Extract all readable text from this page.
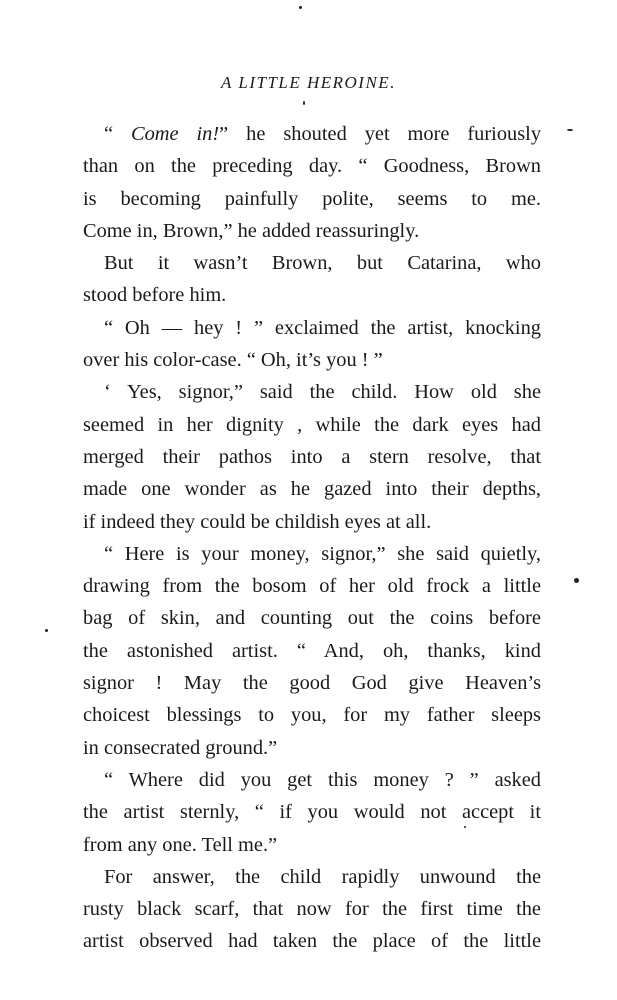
A LITTLE HEROINE.
“ Come in!” he shouted yet more furiously
than on the preceding day. “ Goodness, Brown
is becoming painfully polite, seems to me.
Come in, Brown,” he added reassuringly.
But it wasn’t Brown, but Catarina, who
stood before him.
“ Oh — hey ! ” exclaimed the artist, knocking
over his color-case. “ Oh, it’s you ! ”
‘ Yes, signor,” said the child. How old she
seemed in her dignity , while the dark eyes had
merged their pathos into a stern resolve, that
made one wonder as he gazed into their depths,
if indeed they could be childish eyes at all.
“ Here is your money, signor,” she said quietly,
drawing from the bosom of her old frock a little
bag of skin, and counting out the coins before
the astonished artist. “ And, oh, thanks, kind
signor ! May the good God give Heaven’s
choicest blessings to you, for my father sleeps
in consecrated ground.”
“ Where did you get this money ? ” asked
the artist sternly, “ if you would not accept it
from any one. Tell me.”
For answer, the child rapidly unwound the
rusty black scarf, that now for the first time the
artist observed had taken the place of the little
